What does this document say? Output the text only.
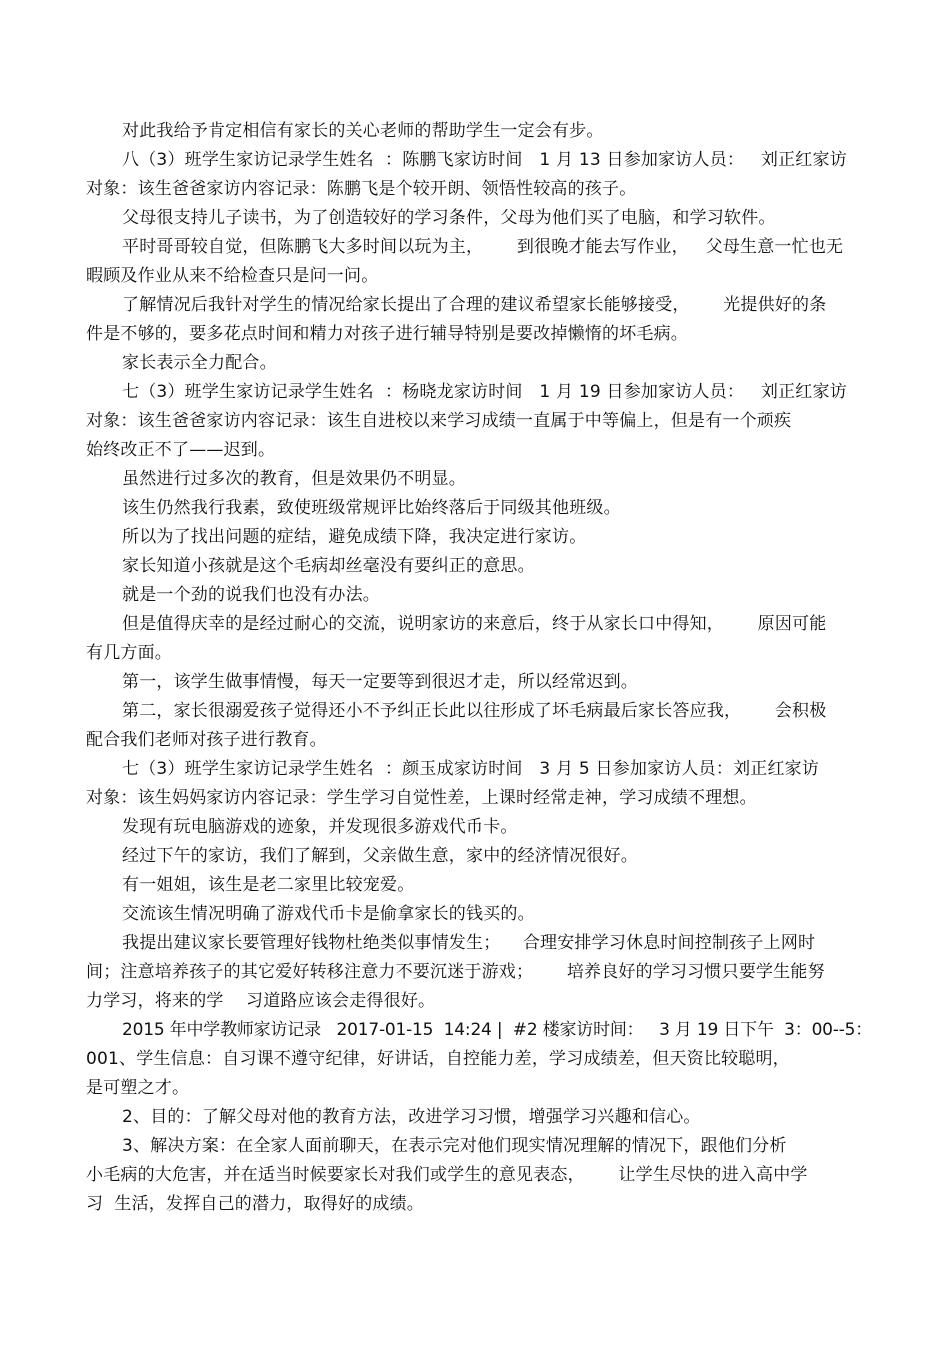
对此我给予肯定相信有家长的关心老师的帮助学生一定会有步。

八（3）班学生家访记录学生姓名  ：陈鹏飞家访时间   1 月 13 日参加家访人员：   刘正红家访

对象：该生爸爸家访内容记录：陈鹏飞是个较开朗、领悟性较高的孩子。

父母很支持儿子读书，为了创造较好的学习条件，父母为他们买了电脑，和学习软件。

平时哥哥较自觉，但陈鹏飞大多时间以玩为主，      到很晚才能去写作业，   父母生意一忙也无

暇顾及作业从来不给检查只是问一问。

了解情况后我针对学生的情况给家长提出了合理的建议希望家长能够接受，      光提供好的条

件是不够的，要多花点时间和精力对孩子进行辅导特别是要改掉懒惰的坏毛病。

家长表示全力配合。

七（3）班学生家访记录学生姓名  ：杨晓龙家访时间   1 月 19 日参加家访人员：   刘正红家访

对象：该生爸爸家访内容记录：该生自进校以来学习成绩一直属于中等偏上，但是有一个顽疾

始终改正不了——迟到。

虽然进行过多次的教育，但是效果仍不明显。

该生仍然我行我素，致使班级常规评比始终落后于同级其他班级。

所以为了找出问题的症结，避免成绩下降，我决定进行家访。

家长知道小孩就是这个毛病却丝毫没有要纠正的意思。

就是一个劲的说我们也没有办法。

但是值得庆幸的是经过耐心的交流，说明家访的来意后，终于从家长口中得知，      原因可能

有几方面。

第一，该学生做事情慢，每天一定要等到很迟才走，所以经常迟到。

第二，家长很溺爱孩子觉得还小不予纠正长此以往形成了坏毛病最后家长答应我，      会积极

配合我们老师对孩子进行教育。

七（3）班学生家访记录学生姓名  ：颜玉成家访时间   3 月 5 日参加家访人员：刘正红家访

对象：该生妈妈家访内容记录：学生学习自觉性差，上课时经常走神，学习成绩不理想。

发现有玩电脑游戏的迹象，并发现很多游戏代币卡。

经过下午的家访，我们了解到，父亲做生意，家中的经济情况很好。

有一姐姐，该生是老二家里比较宠爱。

交流该生情况明确了游戏代币卡是偷拿家长的钱买的。

我提出建议家长要管理好钱物杜绝类似事情发生；    合理安排学习休息时间控制孩子上网时

间；注意培养孩子的其它爱好转移注意力不要沉迷于游戏；      培养良好的学习习惯只要学生能努

力学习，将来的学    习道路应该会走得很好。

2015 年中学教师家访记录   2017-01-15  14:24 |  #2 楼家访时间：   3 月 19 日下午  3：00--5：

001、学生信息：自习课不遵守纪律，好讲话，自控能力差，学习成绩差，但天资比较聪明，

是可塑之才。

2、目的：了解父母对他的教育方法，改进学习习惯，增强学习兴趣和信心。

3、解决方案：在全家人面前聊天，在表示完对他们现实情况理解的情况下，跟他们分析

小毛病的大危害，并在适当时候要家长对我们或学生的意见表态，      让学生尽快的进入高中学

习  生活，发挥自己的潜力，取得好的成绩。
